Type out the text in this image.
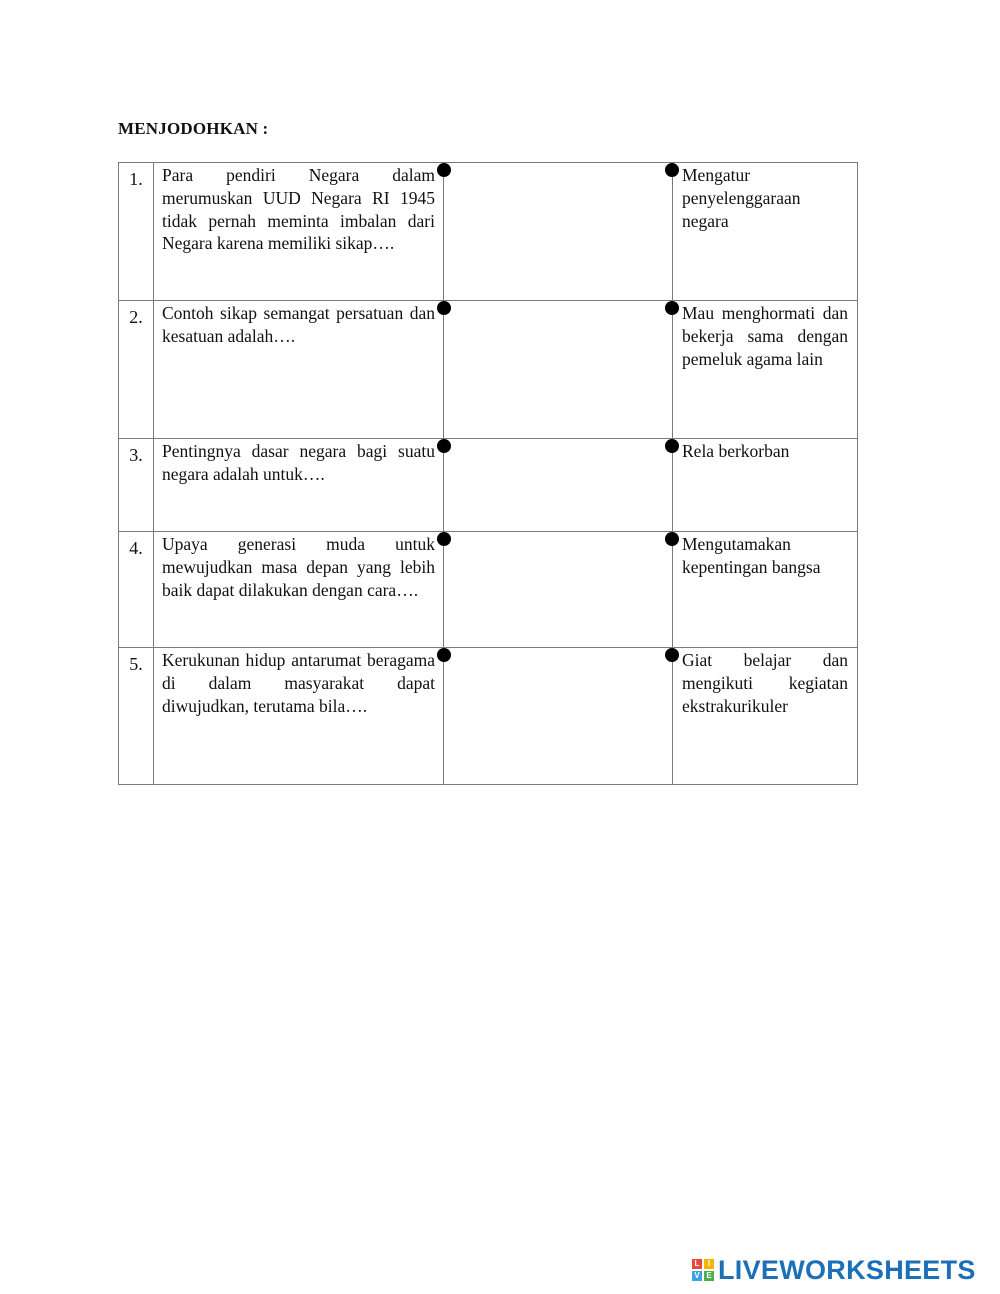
MENJODOHKAN :
1.	Para pendiri Negara dalam merumuskan UUD Negara RI 1945 tidak pernah meminta imbalan dari Negara karena memiliki sikap….		Mengatur penyelenggaraan negara

2.	Contoh sikap semangat persatuan dan kesatuan adalah….		Mau menghormati dan bekerja sama dengan pemeluk agama lain

3.	Pentingnya dasar negara bagi suatu negara adalah untuk….		Rela berkorban

4.	Upaya generasi muda untuk mewujudkan masa depan yang lebih baik dapat dilakukan dengan cara….		Mengutamakan kepentingan bangsa

5.	Kerukunan hidup antarumat beragama di dalam masyarakat dapat diwujudkan, terutama bila….		Giat belajar dan mengikuti kegiatan ekstrakurikuler
L	I
V E LIVEWORKSHEETS
